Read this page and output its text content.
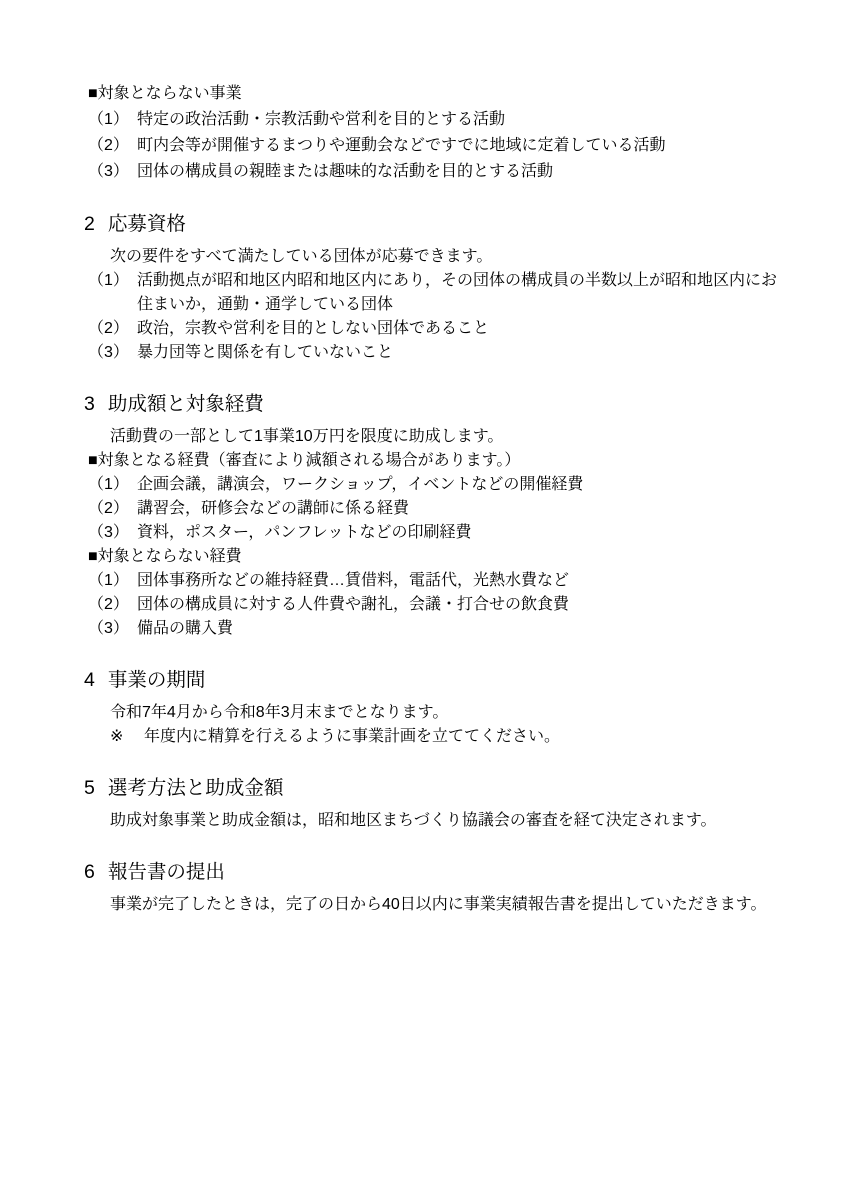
■対象とならない事業
（1） 特定の政治活動・宗教活動や営利を目的とする活動
（2） 町内会等が開催するまつりや運動会などですでに地域に定着している活動
（3） 団体の構成員の親睦または趣味的な活動を目的とする活動
2 応募資格
次の要件をすべて満たしている団体が応募できます。
（1） 活動拠点が昭和地区内昭和地区内にあり，その団体の構成員の半数以上が昭和地区内にお住まいか，通勤・通学している団体
（2） 政治，宗教や営利を目的としない団体であること
（3） 暴力団等と関係を有していないこと
3 助成額と対象経費
活動費の一部として1事業10万円を限度に助成します。
■対象となる経費（審査により減額される場合があります。）
（1） 企画会議，講演会，ワークショップ，イベントなどの開催経費
（2） 講習会，研修会などの講師に係る経費
（3） 資料，ポスター，パンフレットなどの印刷経費
■対象とならない経費
（1） 団体事務所などの維持経費…賃借料，電話代，光熱水費など
（2） 団体の構成員に対する人件費や謝礼，会議・打合せの飲食費
（3） 備品の購入費
4 事業の期間
令和7年4月から令和8年3月末までとなります。
※	年度内に精算を行えるように事業計画を立ててください。
5 選考方法と助成金額
助成対象事業と助成金額は，昭和地区まちづくり協議会の審査を経て決定されます。
6 報告書の提出
事業が完了したときは，完了の日から40日以内に事業実績報告書を提出していただきます。
